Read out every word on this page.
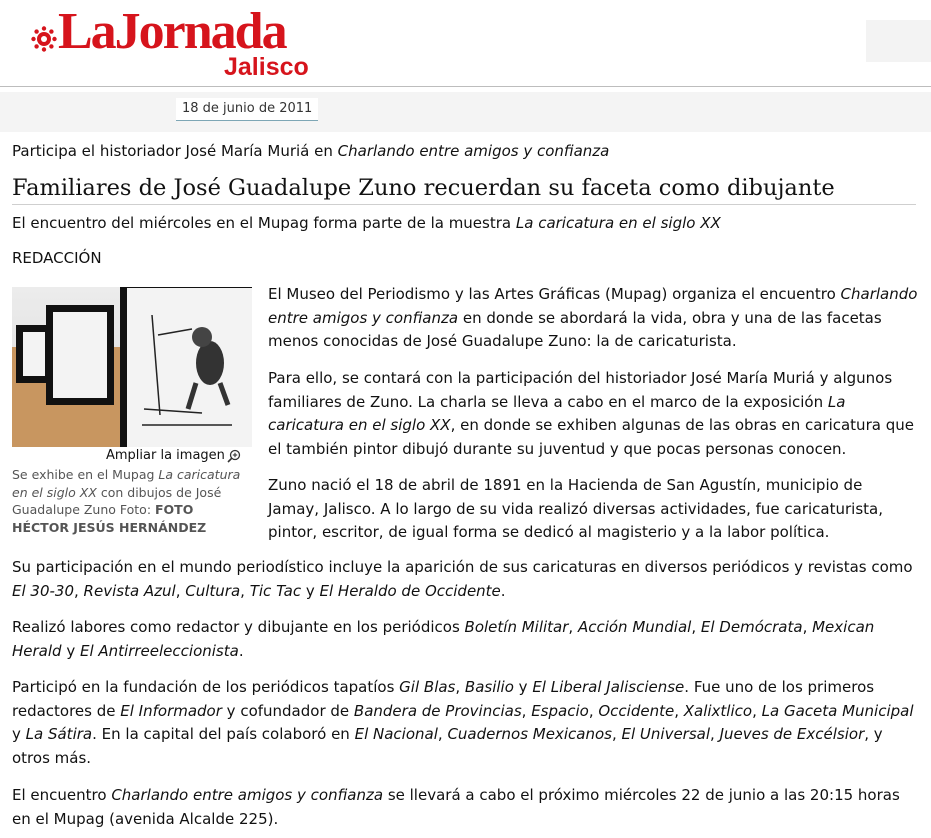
LaJornada
Jalisco
18 de junio de 2011
Participa el historiador José María Muriá en Charlando entre amigos y confianza
Familiares de José Guadalupe Zuno recuerdan su faceta como dibujante
El encuentro del miércoles en el Mupag forma parte de la muestra La caricatura en el siglo XX
REDACCIÓN
Ampliar la imagen
Se exhibe en el Mupag La caricatura en el siglo XX con dibujos de José Guadalupe Zuno Foto: FOTO HÉCTOR JESÚS HERNÁNDEZ
El Museo del Periodismo y las Artes Gráficas (Mupag) organiza el encuentro Charlando entre amigos y confianza en donde se abordará la vida, obra y una de las facetas menos conocidas de José Guadalupe Zuno: la de caricaturista.
Para ello, se contará con la participación del historiador José María Muriá y algunos familiares de Zuno. La charla se lleva a cabo en el marco de la exposición La caricatura en el siglo XX, en donde se exhiben algunas de las obras en caricatura que el también pintor dibujó durante su juventud y que pocas personas conocen.
Zuno nació el 18 de abril de 1891 en la Hacienda de San Agustín, municipio de Jamay, Jalisco. A lo largo de su vida realizó diversas actividades, fue caricaturista, pintor, escritor, de igual forma se dedicó al magisterio y a la labor política.
Su participación en el mundo periodístico incluye la aparición de sus caricaturas en diversos periódicos y revistas como El 30-30, Revista Azul, Cultura, Tic Tac y El Heraldo de Occidente.
Realizó labores como redactor y dibujante en los periódicos Boletín Militar, Acción Mundial, El Demócrata, Mexican Herald y El Antirreeleccionista.
Participó en la fundación de los periódicos tapatíos Gil Blas, Basilio y El Liberal Jalisciense. Fue uno de los primeros redactores de El Informador y cofundador de Bandera de Provincias, Espacio, Occidente, Xalixtlico, La Gaceta Municipal y La Sátira. En la capital del país colaboró en El Nacional, Cuadernos Mexicanos, El Universal, Jueves de Excélsior, y otros más.
El encuentro Charlando entre amigos y confianza se llevará a cabo el próximo miércoles 22 de junio a las 20:15 horas en el Mupag (avenida Alcalde 225).
